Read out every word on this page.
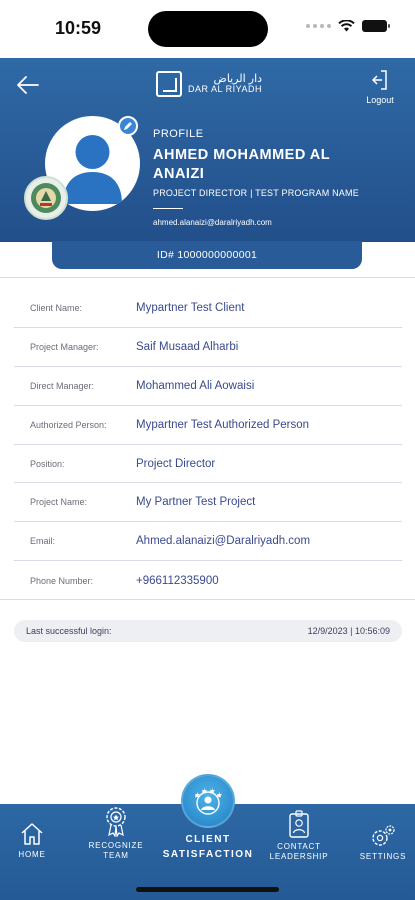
10:59
دار الرياض
DAR AL RIYADH
Logout
PROFILE
AHMED MOHAMMED AL ANAIZI
PROJECT DIRECTOR | TEST PROGRAM NAME
ahmed.alanaizi@daralriyadh.com
ID# 1000000000001
Client Name:	Mypartner Test Client
Project Manager:	Saif Musaad Alharbi
Direct Manager:	Mohammed Ali Aowaisi
Authorized Person:	Mypartner Test Authorized Person
Position:	Project Director
Project Name:	My Partner Test Project
Email:	Ahmed.alanaizi@Daralriyadh.com
Phone Number:	+966112335900
Last successful login:	12/9/2023 | 10:56:09
HOME
RECOGNIZE
TEAM
CONTACT
LEADERSHIP	SETTINGS
CLIENT
SATISFACTION
